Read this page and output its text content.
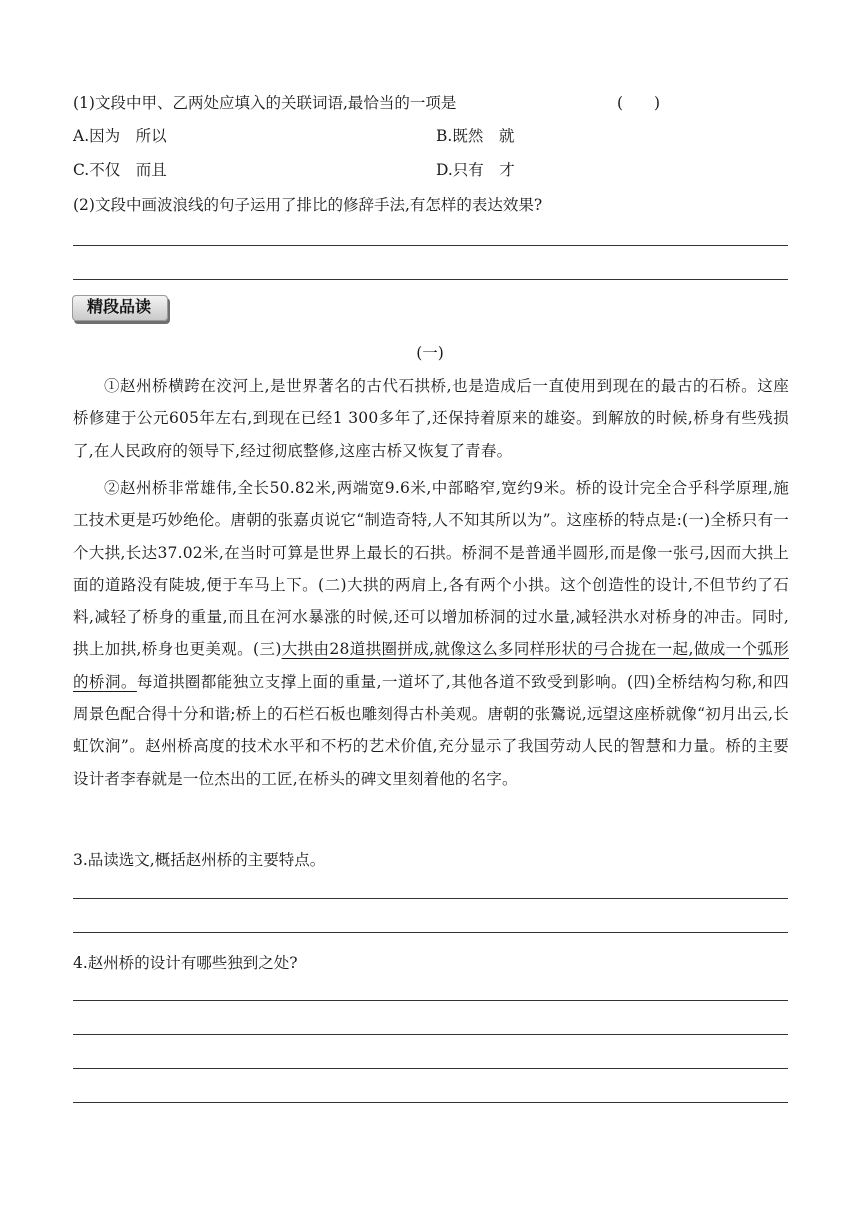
(1)文段中甲、乙两处应填入的关联词语,最恰当的一项是	(　　)
A.因为　所以	B.既然　就
C.不仅　而且	D.只有　才
(2)文段中画波浪线的句子运用了排比的修辞手法,有怎样的表达效果?
精段品读
(一)
①赵州桥横跨在洨河上,是世界著名的古代石拱桥,也是造成后一直使用到现在的最古的石桥。这座桥修建于公元605年左右,到现在已经1 300多年了,还保持着原来的雄姿。到解放的时候,桥身有些残损了,在人民政府的领导下,经过彻底整修,这座古桥又恢复了青春。
②赵州桥非常雄伟,全长50.82米,两端宽9.6米,中部略窄,宽约9米。桥的设计完全合乎科学原理,施工技术更是巧妙绝伦。唐朝的张嘉贞说它“制造奇特,人不知其所以为”。这座桥的特点是:(一)全桥只有一个大拱,长达37.02米,在当时可算是世界上最长的石拱。桥洞不是普通半圆形,而是像一张弓,因而大拱上面的道路没有陡坡,便于车马上下。(二)大拱的两肩上,各有两个小拱。这个创造性的设计,不但节约了石料,减轻了桥身的重量,而且在河水暴涨的时候,还可以增加桥洞的过水量,减轻洪水对桥身的冲击。同时,拱上加拱,桥身也更美观。(三)大拱由28道拱圈拼成,就像这么多同样形状的弓合拢在一起,做成一个弧形的桥洞。每道拱圈都能独立支撑上面的重量,一道坏了,其他各道不致受到影响。(四)全桥结构匀称,和四周景色配合得十分和谐;桥上的石栏石板也雕刻得古朴美观。唐朝的张鷟说,远望这座桥就像“初月出云,长虹饮涧”。赵州桥高度的技术水平和不朽的艺术价值,充分显示了我国劳动人民的智慧和力量。桥的主要设计者李春就是一位杰出的工匠,在桥头的碑文里刻着他的名字。
3.品读选文,概括赵州桥的主要特点。
4.赵州桥的设计有哪些独到之处?
